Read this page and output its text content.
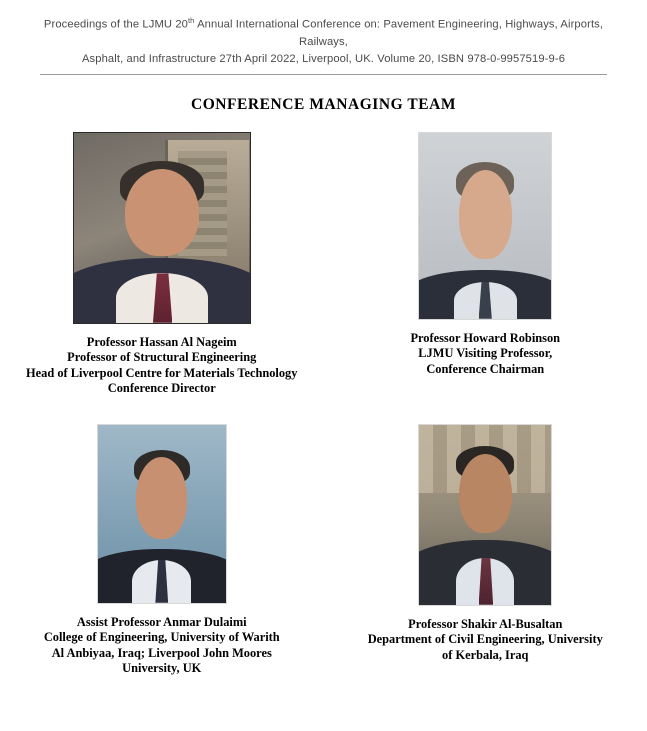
Proceedings of the LJMU 20th Annual International Conference on: Pavement Engineering, Highways, Airports, Railways,
Asphalt, and Infrastructure 27th April 2022, Liverpool, UK. Volume 20, ISBN 978-0-9957519-9-6
CONFERENCE MANAGING TEAM
Professor Hassan Al Nageim
Professor of Structural Engineering
Head of Liverpool Centre for Materials Technology
Conference Director
Professor Howard Robinson
LJMU Visiting Professor,
Conference Chairman
Assist Professor Anmar Dulaimi
College of Engineering, University of Warith
Al Anbiyaa, Iraq; Liverpool John Moores
University, UK
Professor Shakir Al-Busaltan
Department of Civil Engineering, University
of Kerbala, Iraq
